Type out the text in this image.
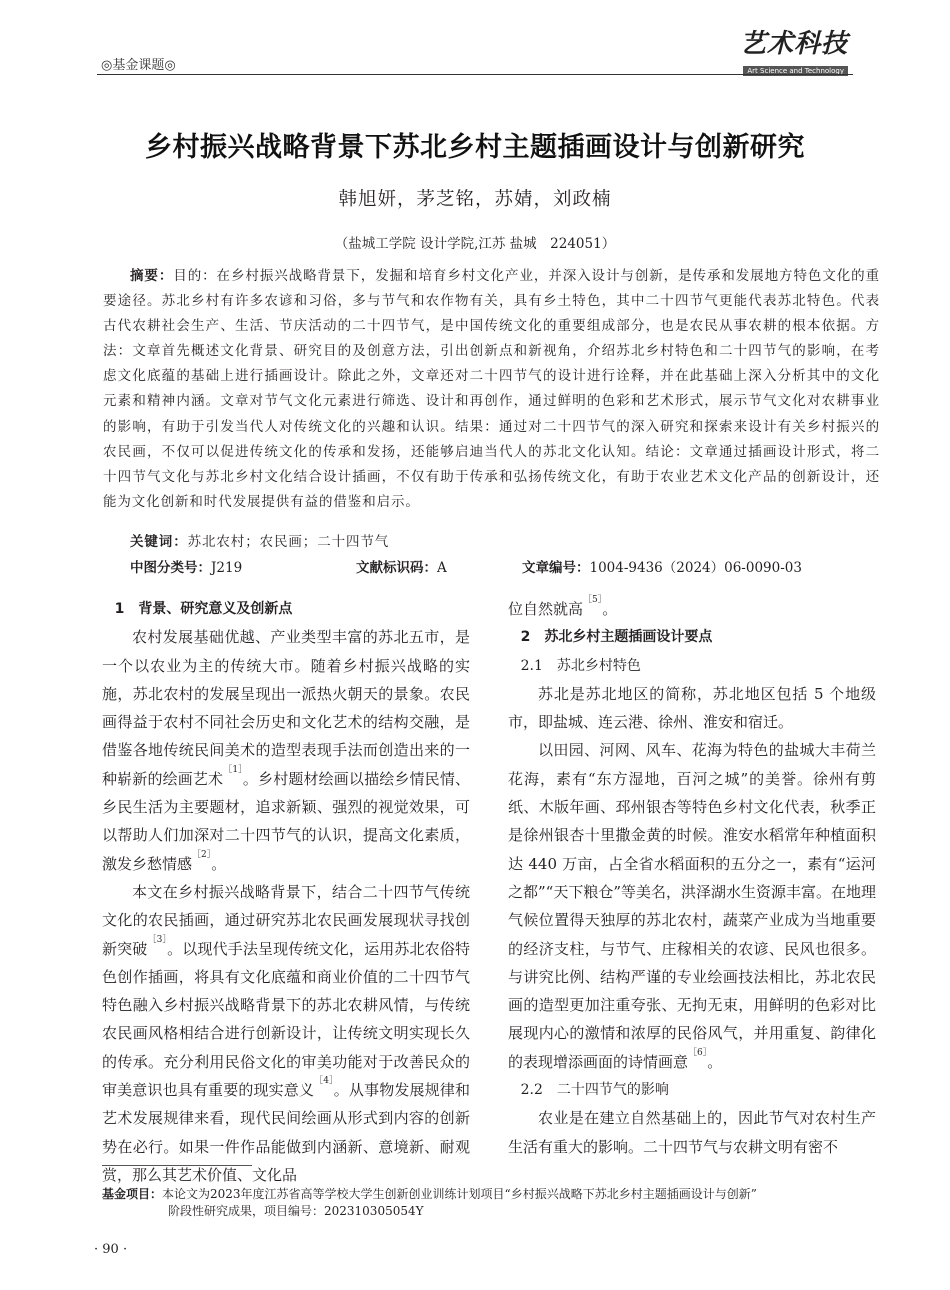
◎基金课题◎
艺术科技
Art Science and Technology
乡村振兴战略背景下苏北乡村主题插画设计与创新研究
韩旭妍，茅芝铭，苏婧，刘政楠
（盐城工学院 设计学院,江苏 盐城　224051）
摘要：目的：在乡村振兴战略背景下，发掘和培育乡村文化产业，并深入设计与创新，是传承和发展地方特色文化的重要途径。苏北乡村有许多农谚和习俗，多与节气和农作物有关，具有乡土特色，其中二十四节气更能代表苏北特色。代表古代农耕社会生产、生活、节庆活动的二十四节气，是中国传统文化的重要组成部分，也是农民从事农耕的根本依据。方法：文章首先概述文化背景、研究目的及创意方法，引出创新点和新视角，介绍苏北乡村特色和二十四节气的影响，在考虑文化底蕴的基础上进行插画设计。除此之外，文章还对二十四节气的设计进行诠释，并在此基础上深入分析其中的文化元素和精神内涵。文章对节气文化元素进行筛选、设计和再创作，通过鲜明的色彩和艺术形式，展示节气文化对农耕事业的影响，有助于引发当代人对传统文化的兴趣和认识。结果：通过对二十四节气的深入研究和探索来设计有关乡村振兴的农民画，不仅可以促进传统文化的传承和发扬，还能够启迪当代人的苏北文化认知。结论：文章通过插画设计形式，将二十四节气文化与苏北乡村文化结合设计插画，不仅有助于传承和弘扬传统文化，有助于农业艺术文化产品的创新设计，还能为文化创新和时代发展提供有益的借鉴和启示。
关键词：苏北农村；农民画；二十四节气
中图分类号：J219	文献标识码：A	文章编号：1004-9436（2024）06-0090-03

1　背景、研究意义及创新点

农村发展基础优越、产业类型丰富的苏北五市，是一个以农业为主的传统大市。随着乡村振兴战略的实施，苏北农村的发展呈现出一派热火朝天的景象。农民画得益于农村不同社会历史和文化艺术的结构交融，是借鉴各地传统民间美术的造型表现手法而创造出来的一种崭新的绘画艺术$^{[1]}$。乡村题材绘画以描绘乡情民情、乡民生活为主要题材，追求新颖、强烈的视觉效果，可以帮助人们加深对二十四节气的认识，提高文化素质，激发乡愁情感$^{[2]}$。

本文在乡村振兴战略背景下，结合二十四节气传统文化的农民插画，通过研究苏北农民画发展现状寻找创新突破$^{[3]}$。以现代手法呈现传统文化，运用苏北农俗特色创作插画，将具有文化底蕴和商业价值的二十四节气特色融入乡村振兴战略背景下的苏北农耕风情，与传统农民画风格相结合进行创新设计，让传统文明实现长久的传承。充分利用民俗文化的审美功能对于改善民众的审美意识也具有重要的现实意义$^{[4]}$。从事物发展规律和艺术发展规律来看，现代民间绘画从形式到内容的创新势在必行。如果一件作品能做到内涵新、意境新、耐观赏，那么其艺术价值、文化品

位自然就高$^{[5]}$。

2　苏北乡村主题插画设计要点

2.1　苏北乡村特色

苏北是苏北地区的简称，苏北地区包括 5 个地级市，即盐城、连云港、徐州、淮安和宿迁。

以田园、河网、风车、花海为特色的盐城大丰荷兰花海，素有“东方湿地，百河之城”的美誉。徐州有剪纸、木版年画、邳州银杏等特色乡村文化代表，秋季正是徐州银杏十里撒金黄的时候。淮安水稻常年种植面积达 440 万亩，占全省水稻面积的五分之一，素有“运河之都”“天下粮仓”等美名，洪泽湖水生资源丰富。在地理气候位置得天独厚的苏北农村，蔬菜产业成为当地重要的经济支柱，与节气、庄稼相关的农谚、民风也很多。与讲究比例、结构严谨的专业绘画技法相比，苏北农民画的造型更加注重夸张、无拘无束，用鲜明的色彩对比展现内心的激情和浓厚的民俗风气，并用重复、韵律化的表现增添画面的诗情画意$^{[6]}$。

2.2　二十四节气的影响

农业是在建立自然基础上的，因此节气对农村生产生活有重大的影响。二十四节气与农耕文明有密不

基金项目：本论文为2023年度江苏省高等学校大学生创新创业训练计划项目“乡村振兴战略下苏北乡村主题插画设计与创新”
阶段性研究成果，项目编号：202310305054Y
· 90 ·
